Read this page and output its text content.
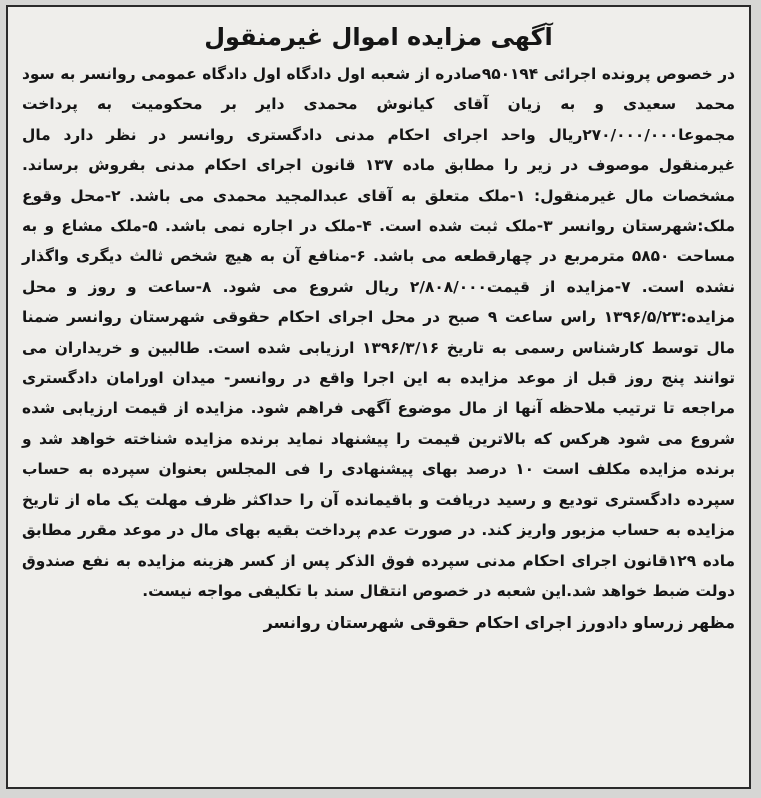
آگهی مزایده اموال غیرمنقول

در خصوص پرونده اجرائی ۹۵۰۱۹۴صادره از شعبه اول دادگاه اول دادگاه عمومی روانسر به سود محمد سعیدی و به زیان آقای کیانوش محمدی دایر بر محکومیت به پرداخت مجموعا۲۷۰/۰۰۰/۰۰۰ریال واحد اجرای احکام مدنی دادگستری روانسر در نظر دارد مال غیرمنقول موصوف در زیر را مطابق ماده ۱۳۷ قانون اجرای احکام مدنی بفروش برساند. مشخصات مال غیرمنقول: ۱-ملک متعلق به آقای عبدالمجید محمدی می باشد. ۲-محل وقوع ملک:شهرستان روانسر ۳-ملک ثبت شده است. ۴-ملک در اجاره نمی باشد. ۵-ملک مشاع و به مساحت ۵۸۵۰ مترمربع در چهارقطعه می باشد. ۶-منافع آن به هیچ شخص ثالث دیگری واگذار نشده است. ۷-مزایده از قیمت۲/۸۰۸/۰۰۰ ریال شروع می شود. ۸-ساعت و روز و محل مزایده:۱۳۹۶/۵/۲۳ راس ساعت ۹ صبح در محل اجرای احکام حقوقی شهرستان روانسر ضمنا مال توسط کارشناس رسمی به تاریخ ۱۳۹۶/۳/۱۶ ارزیابی شده است. طالبین و خریداران می توانند پنج روز قبل از موعد مزایده به این اجرا واقع در روانسر- میدان اورامان دادگستری مراجعه تا ترتیب ملاحظه آنها از مال موضوع آگهی فراهم شود. مزایده از قیمت ارزیابی شده شروع می شود هرکس که بالاترین قیمت را پیشنهاد نماید برنده مزایده شناخته خواهد شد و برنده مزایده مکلف است ۱۰ درصد بهای پیشنهادی را فی المجلس بعنوان سپرده به حساب سپرده دادگستری تودیع و رسید دریافت و باقیمانده آن را حداکثر ظرف مهلت یک ماه از تاریخ مزایده به حساب مزبور واریز کند. در صورت عدم پرداخت بقیه بهای مال در موعد مقرر مطابق ماده ۱۲۹قانون اجرای احکام مدنی سپرده فوق الذکر پس از کسر هزینه مزایده به نفع صندوق دولت ضبط خواهد شد.این شعبه در خصوص انتقال سند با تکلیفی مواجه نیست.

مظهر زرساو دادورز اجرای احکام حقوقی شهرستان روانسر
